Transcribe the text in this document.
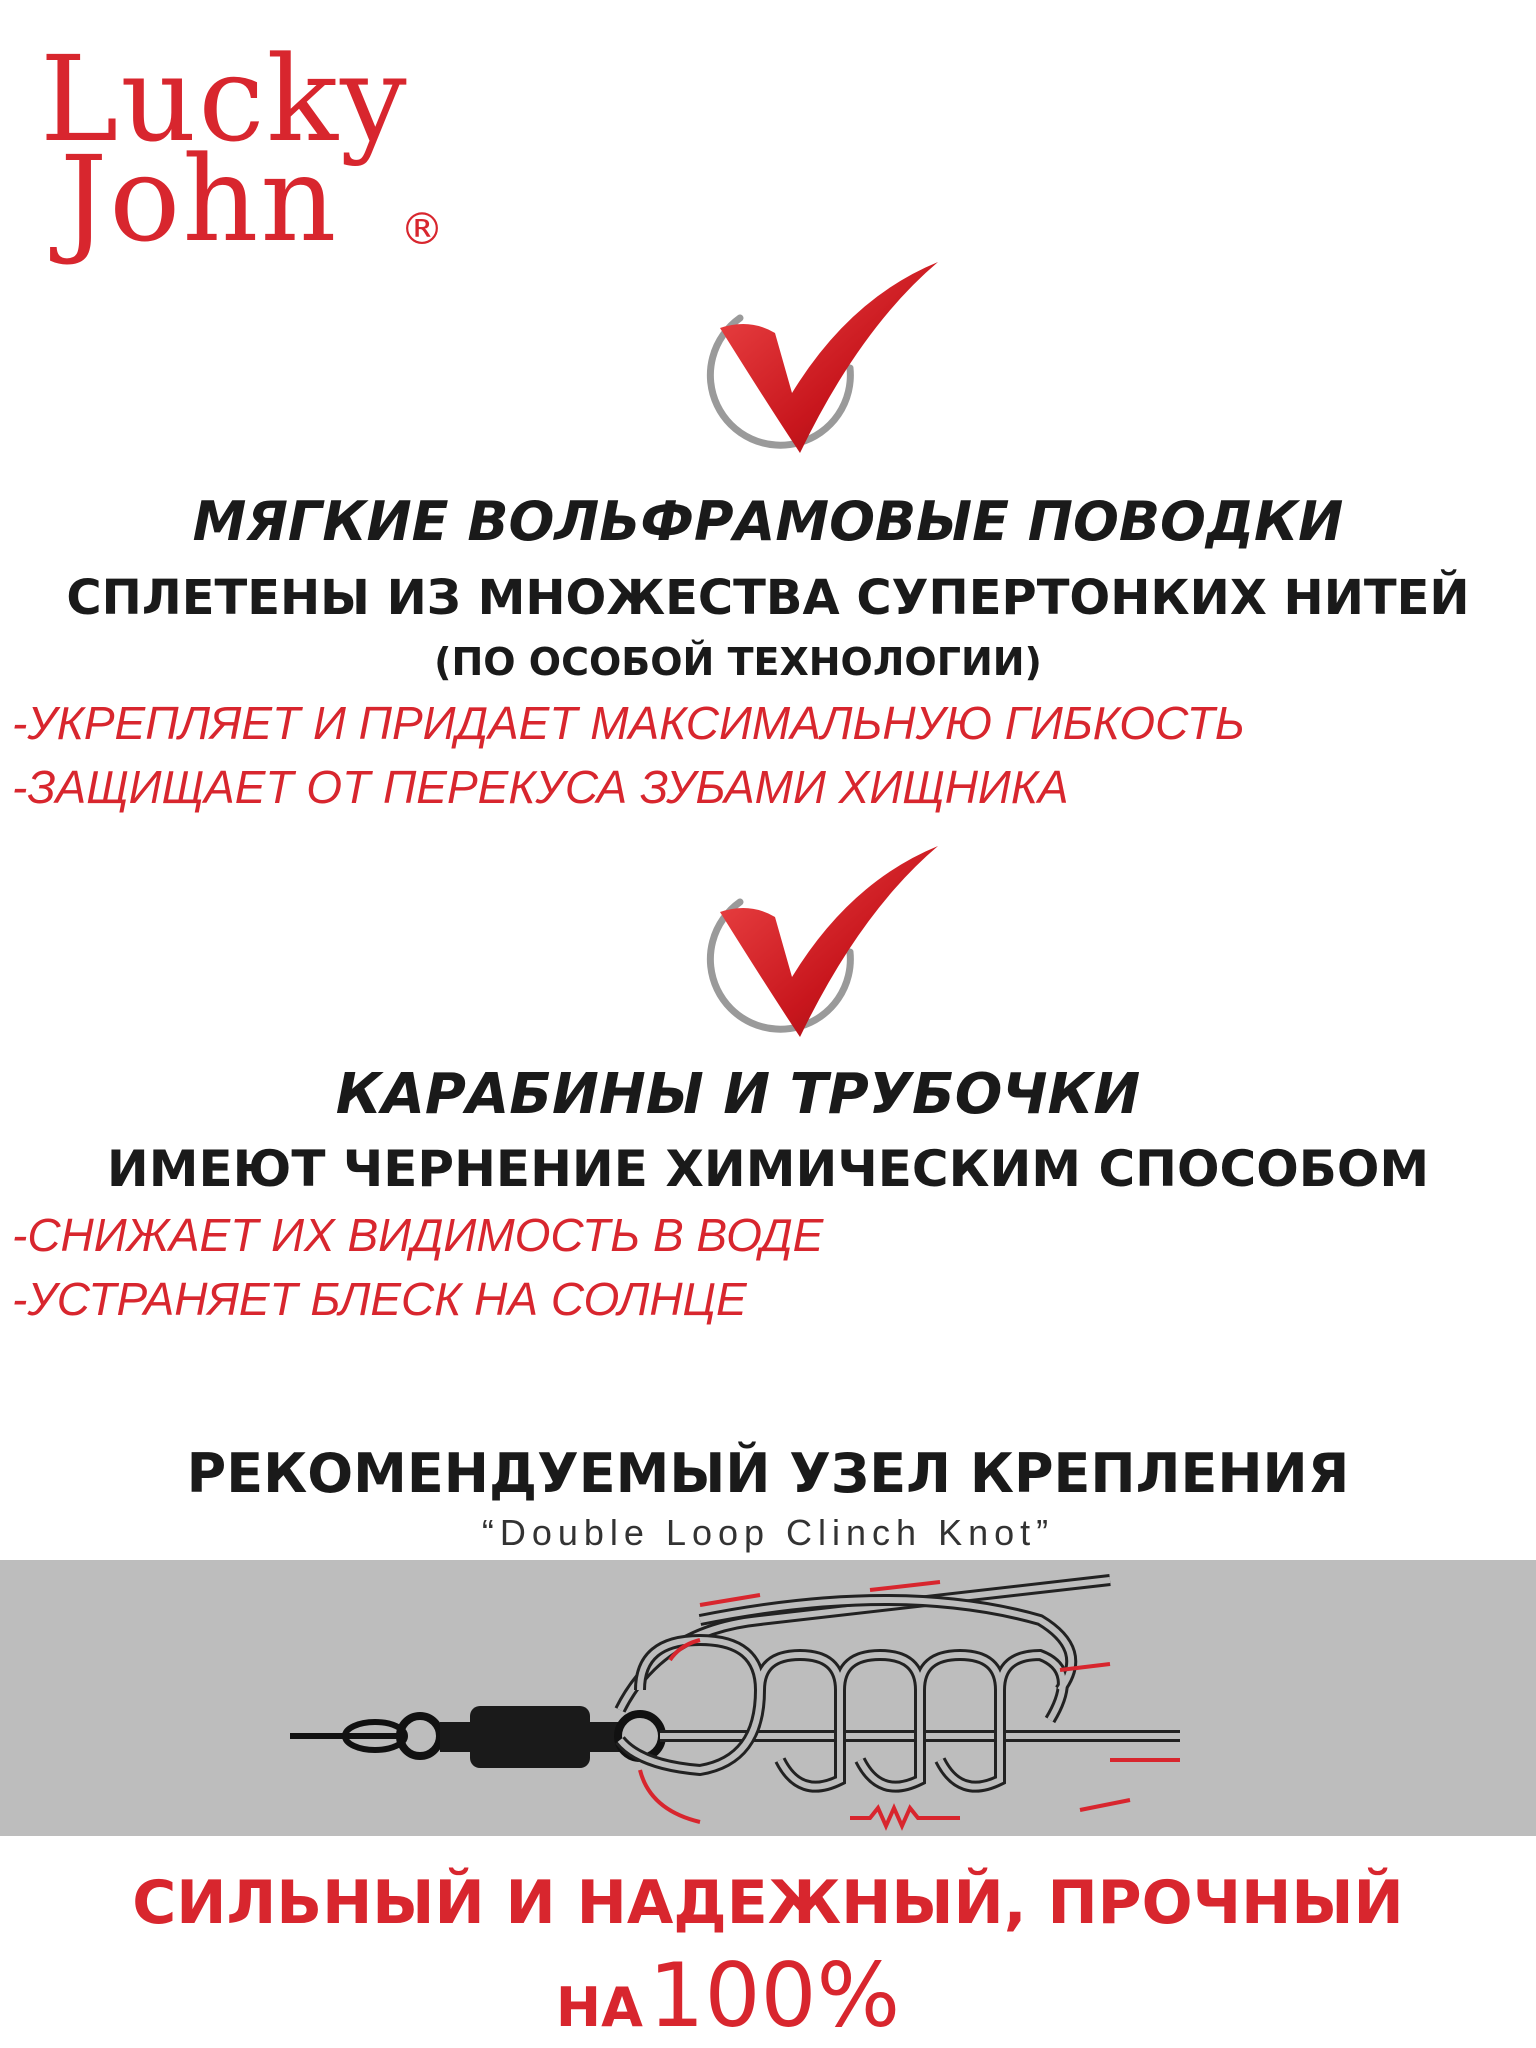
Lucky
John ®
МЯГКИЕ ВОЛЬФРАМОВЫЕ ПОВОДКИ
СПЛЕТЕНЫ ИЗ МНОЖЕСТВА СУПЕРТОНКИХ НИТЕЙ
(ПО ОСОБОЙ ТЕХНОЛОГИИ)
-УКРЕПЛЯЕТ И ПРИДАЕТ МАКСИМАЛЬНУЮ ГИБКОСТЬ
-ЗАЩИЩАЕТ ОТ ПЕРЕКУСА ЗУБАМИ ХИЩНИКА
КАРАБИНЫ И ТРУБОЧКИ
ИМЕЮТ ЧЕРНЕНИЕ ХИМИЧЕСКИМ СПОСОБОМ
-СНИЖАЕТ ИХ ВИДИМОСТЬ В ВОДЕ
-УСТРАНЯЕТ БЛЕСК НА СОЛНЦЕ
РЕКОМЕНДУЕМЫЙ УЗЕЛ КРЕПЛЕНИЯ
“Double Loop Clinch Knot”
СИЛЬНЫЙ И НАДЕЖНЫЙ, ПРОЧНЫЙ
НА 100%
